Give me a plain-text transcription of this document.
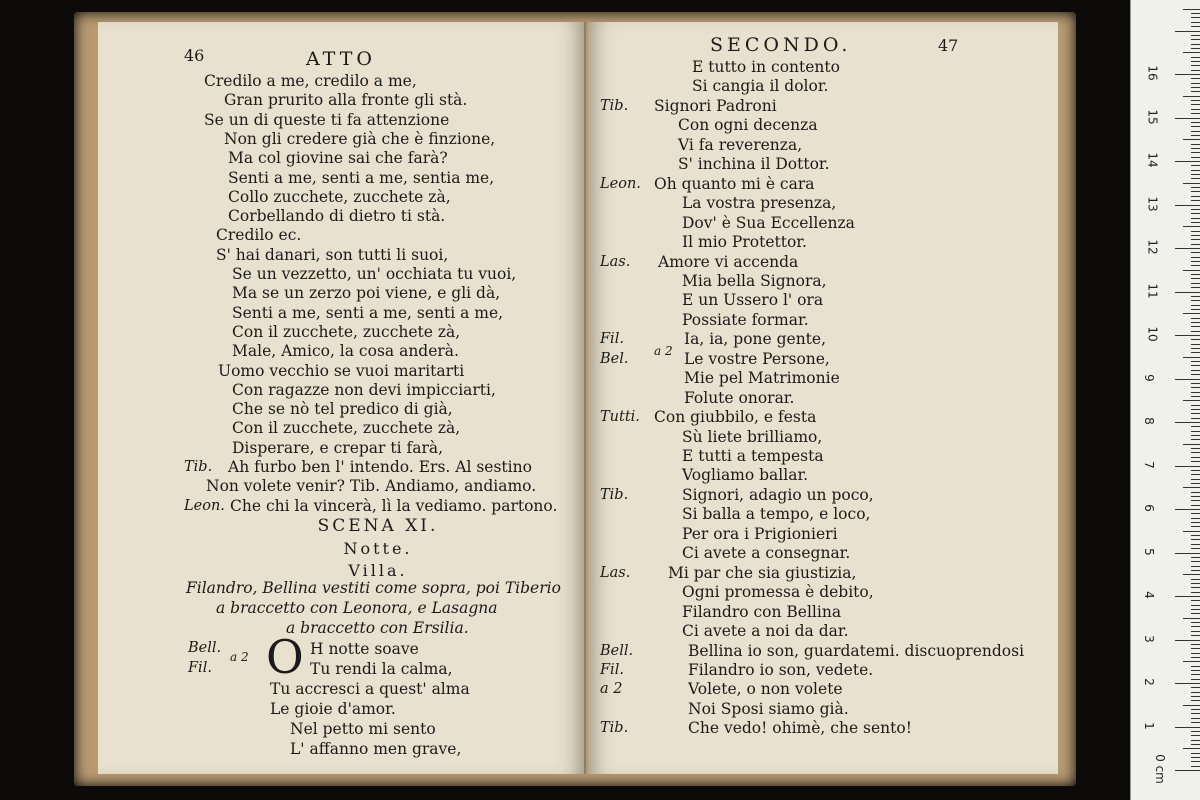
46	ATTO
SCENA XI.
Notte.
Villa.
Filandro, Bellina vestiti come sopra, poi Tiberio
a braccetto con Leonora, e Lasagna
a braccetto con Ersilia.
Bell.
Fil.
a 2 O H notte soave
Tu rendi la calma,
Tu accresci a quest' alma
Le gioie d'amor.
Nel petto mi sento
L' affanno men grave,
Credilo a me, credilo a me,
Gran prurito alla fronte gli stà.
Se un di queste ti fa attenzione
Non gli credere già che è finzione,
Ma col giovine sai che farà?
Senti a me, senti a me, sentia me,
Collo zucchete, zucchete zà,
Corbellando di dietro ti stà.
Credilo ec.
S' hai danari, son tutti li suoi,
Se un vezzetto, un' occhiata tu vuoi,
Ma se un zerzo poi viene, e gli dà,
Senti a me, senti a me, senti a me,
Con il zucchete, zucchete zà,
Male, Amico, la cosa anderà.
Uomo vecchio se vuoi maritarti
Con ragazze non devi impicciarti,
Che se nò tel predico di già,
Con il zucchete, zucchete zà,
Disperare, e crepar ti farà,
Tib. Ah furbo ben l' intendo. Ers. Al sestino
Non volete venir? Tib. Andiamo, andiamo.
Leon. Che chi la vincerà, lì la vediamo. partono.
SECONDO.	47
a 2
E tutto in contento
Si cangia il dolor.
Tib. Signori Padroni
Con ogni decenza
Vi fa reverenza,
S' inchina il Dottor.
Leon. Oh quanto mi è cara
La vostra presenza,
Dov' è Sua Eccellenza
Il mio Protettor.
Las. Amore vi accenda
Mia bella Signora,
E un Ussero l' ora
Possiate formar.
Fil.	Ia, ia, pone gente,
Bel.	Le vostre Persone,
Mie pel Matrimonie
Folute onorar.
Tutti. Con giubbilo, e festa
Sù liete brilliamo,
E tutti a tempesta
Vogliamo ballar.
Tib.	Signori, adagio un poco,
Si balla a tempo, e loco,
Per ora i Prigionieri
Ci avete a consegnar.
Las. Mi par che sia giustizia,
Ogni promessa è debito,
Filandro con Bellina
Ci avete a noi da dar.
Bell.	Bellina io son, guardatemi. discuoprendosi
Fil.	Filandro io son, vedete.
a 2	Volete, o non volete
Noi Sposi siamo già.
Tib.	Che vedo! ohimè, che sento!
0 cm
1
2
3
4
5
6
7
8
9
10
11
12
13
14
15
16
